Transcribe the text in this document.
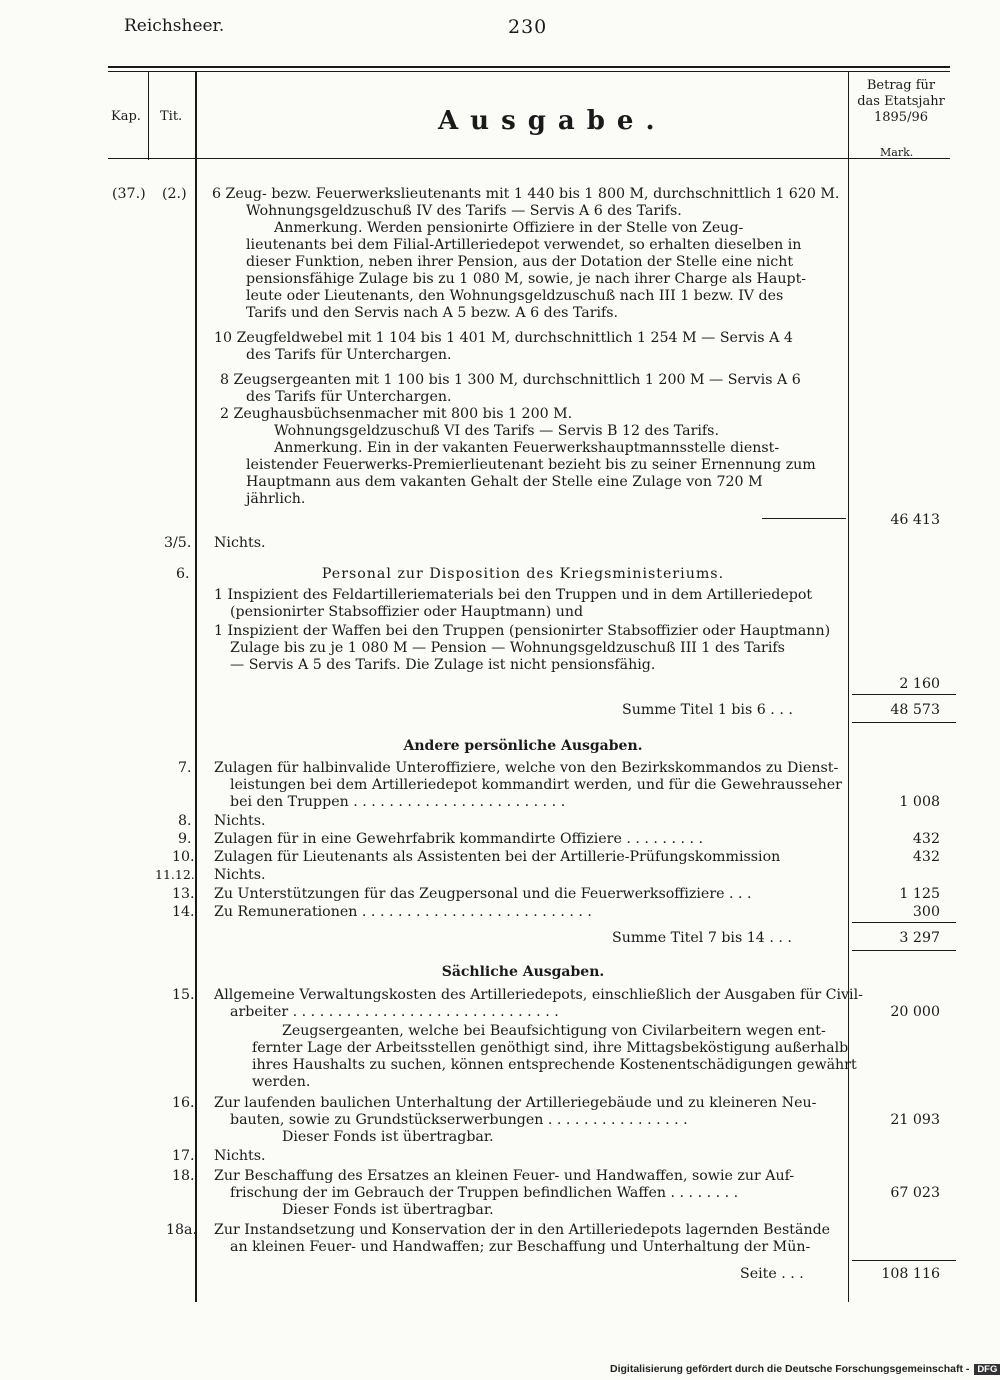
Reichsheer.	230
Kap. Tit.	Ausgabe.
Betrag für
das Etatsjahr
1895/96
Mark.
(37.) (2.) 6 Zeug- bezw. Feuerwerkslieutenants mit 1 440 bis 1 800 M, durchschnittlich 1 620 M.
Wohnungsgeldzuschuß IV des Tarifs — Servis A 6 des Tarifs.
Anmerkung. Werden pensionirte Offiziere in der Stelle von Zeug-
lieutenants bei dem Filial-Artilleriedepot verwendet, so erhalten dieselben in
dieser Funktion, neben ihrer Pension, aus der Dotation der Stelle eine nicht
pensionsfähige Zulage bis zu 1 080 M, sowie, je nach ihrer Charge als Haupt-
leute oder Lieutenants, den Wohnungsgeldzuschuß nach III 1 bezw. IV des
Tarifs und den Servis nach A 5 bezw. A 6 des Tarifs.
10 Zeugfeldwebel mit 1 104 bis 1 401 M, durchschnittlich 1 254 M — Servis A 4
des Tarifs für Unterchargen.
8 Zeugsergeanten mit 1 100 bis 1 300 M, durchschnittlich 1 200 M — Servis A 6
des Tarifs für Unterchargen.
2 Zeughausbüchsenmacher mit 800 bis 1 200 M.
Wohnungsgeldzuschuß VI des Tarifs — Servis B 12 des Tarifs.
Anmerkung. Ein in der vakanten Feuerwerkshauptmannsstelle dienst-
leistender Feuerwerks-Premierlieutenant bezieht bis zu seiner Ernennung zum
Hauptmann aus dem vakanten Gehalt der Stelle eine Zulage von 720 M
jährlich.
46 413
3/5. Nichts.
6.	Personal zur Disposition des Kriegsministeriums.
1 Inspizient des Feldartilleriematerials bei den Truppen und in dem Artilleriedepot
(pensionirter Stabsoffizier oder Hauptmann) und
1 Inspizient der Waffen bei den Truppen (pensionirter Stabsoffizier oder Hauptmann)
Zulage bis zu je 1 080 M — Pension — Wohnungsgeldzuschuß III 1 des Tarifs
— Servis A 5 des Tarifs. Die Zulage ist nicht pensionsfähig.
2 160
Summe Titel 1 bis 6 . . .	48 573
Andere persönliche Ausgaben.
7. Zulagen für halbinvalide Unteroffiziere, welche von den Bezirkskommandos zu Dienst-
leistungen bei dem Artilleriedepot kommandirt werden, und für die Gewehrausseher
bei den Truppen . . . . . . . . . . . . . . . . . . . . . . . .	1 008
8. Nichts.
9. Zulagen für in eine Gewehrfabrik kommandirte Offiziere . . . . . . . . .	432
10. Zulagen für Lieutenants als Assistenten bei der Artillerie-Prüfungskommission	432
11.12. Nichts.
13. Zu Unterstützungen für das Zeugpersonal und die Feuerwerksoffiziere . . .	1 125
14. Zu Remunerationen . . . . . . . . . . . . . . . . . . . . . . . . . .	300
Summe Titel 7 bis 14 . . .	3 297
Sächliche Ausgaben.
15. Allgemeine Verwaltungskosten des Artilleriedepots, einschließlich der Ausgaben für Civil-
arbeiter . . . . . . . . . . . . . . . . . . . . . . . . . . . . . .	20 000
Zeugsergeanten, welche bei Beaufsichtigung von Civilarbeitern wegen ent-
fernter Lage der Arbeitsstellen genöthigt sind, ihre Mittagsbeköstigung außerhalb
ihres Haushalts zu suchen, können entsprechende Kostenentschädigungen gewährt
werden.
16. Zur laufenden baulichen Unterhaltung der Artilleriegebäude und zu kleineren Neu-
bauten, sowie zu Grundstückserwerbungen . . . . . . . . . . . . . . . .	21 093
Dieser Fonds ist übertragbar.
17. Nichts.
18. Zur Beschaffung des Ersatzes an kleinen Feuer- und Handwaffen, sowie zur Auf-
frischung der im Gebrauch der Truppen befindlichen Waffen . . . . . . . .	67 023
Dieser Fonds ist übertragbar.
18a. Zur Instandsetzung und Konservation der in den Artilleriedepots lagernden Bestände
an kleinen Feuer- und Handwaffen; zur Beschaffung und Unterhaltung der Mün-
Seite . . .	108 116
Digitalisierung gefördert durch die Deutsche Forschungsgemeinschaft - DFG
